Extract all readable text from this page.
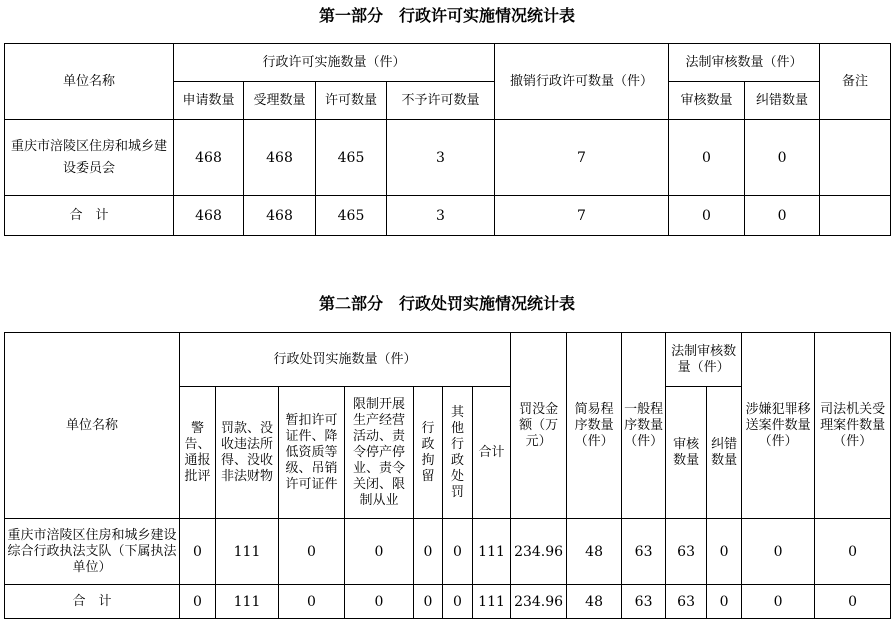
第一部分　行政许可实施情况统计表
单位名称	行政许可实施数量（件）				撤销行政许可数量（件）	法制审核数量（件）		备注
	申请数量	受理数量	许可数量	不予许可数量		审核数量	纠错数量	
重庆市涪陵区住房和城乡建设委员会	468	468	465	3	7	0	0	
合　计	468	468	465	3	7	0	0	
第二部分　行政处罚实施情况统计表
单位名称	行政处罚实施数量（件）							罚没金额（万元）	简易程序数量（件）	一般程序数量（件）	法制审核数量（件）		涉嫌犯罪移送案件数量（件）	司法机关受理案件数量（件）
	警告、通报批评	罚款、没收违法所得、没收非法财物	暂扣许可证件、降低资质等级、吊销许可证件	限制开展生产经营活动、责令停产停业、责令关闭、限制从业	行政拘留	其他行政处罚	合计				审核数量	纠错数量		
重庆市涪陵区住房和城乡建设综合行政执法支队（下属执法单位）	0	111	0	0	0	0	111	234.96	48	63	63	0	0	0
合　计	0	111	0	0	0	0	111	234.96	48	63	63	0	0	0
